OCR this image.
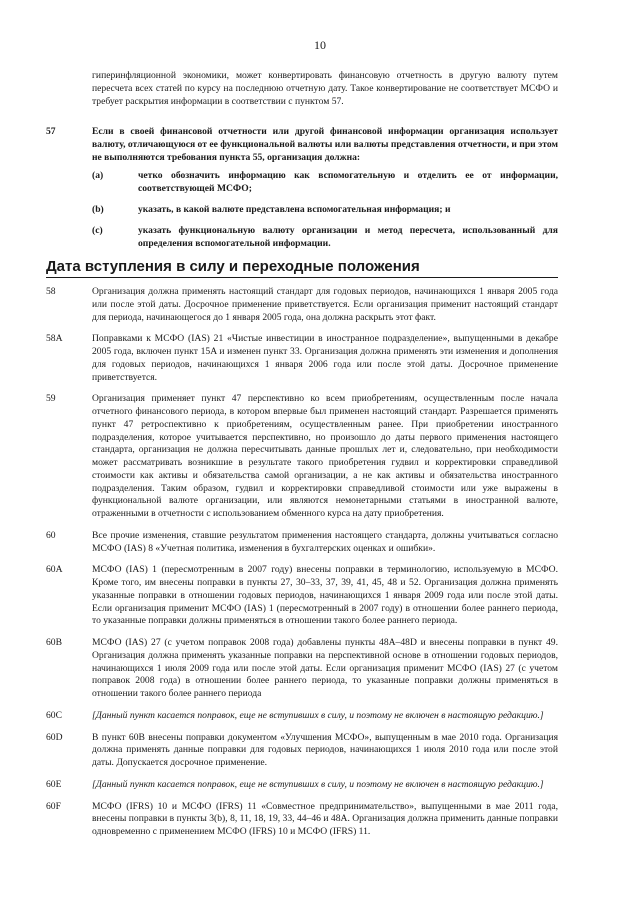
10
гиперинфляционной экономики, может конвертировать финансовую отчетность в другую валюту путем пересчета всех статей по курсу на последнюю отчетную дату. Такое конвертирование не соответствует МСФО и требует раскрытия информации в соответствии с пунктом 57.
57	Если в своей финансовой отчетности или другой финансовой информации организация использует валюту, отличающуюся от ее функциональной валюты или валюты представления отчетности, и при этом не выполняются требования пункта 55, организация должна:
(a)	четко обозначить информацию как вспомогательную и отделить ее от информации, соответствующей МСФО;
(b)	указать, в какой валюте представлена вспомогательная информация; и
(c)	указать функциональную валюту организации и метод пересчета, использованный для определения вспомогательной информации.
Дата вступления в силу и переходные положения
58	Организация должна применять настоящий стандарт для годовых периодов, начинающихся 1 января 2005 года или после этой даты. Досрочное применение приветствуется. Если организация применит настоящий стандарт для периода, начинающегося до 1 января 2005 года, она должна раскрыть этот факт.
58A	Поправками к МСФО (IAS) 21 «Чистые инвестиции в иностранное подразделение», выпущенными в декабре 2005 года, включен пункт 15A и изменен пункт 33. Организация должна применять эти изменения и дополнения для годовых периодов, начинающихся 1 января 2006 года или после этой даты. Досрочное применение приветствуется.
59	Организация применяет пункт 47 перспективно ко всем приобретениям, осуществленным после начала отчетного финансового периода, в котором впервые был применен настоящий стандарт. Разрешается применять пункт 47 ретроспективно к приобретениям, осуществленным ранее. При приобретении иностранного подразделения, которое учитывается перспективно, но произошло до даты первого применения настоящего стандарта, организация не должна пересчитывать данные прошлых лет и, следовательно, при необходимости может рассматривать возникшие в результате такого приобретения гудвил и корректировки справедливой стоимости как активы и обязательства самой организации, а не как активы и обязательства иностранного подразделения. Таким образом, гудвил и корректировки справедливой стоимости или уже выражены в функциональной валюте организации, или являются немонетарными статьями в иностранной валюте, отраженными в отчетности с использованием обменного курса на дату приобретения.
60	Все прочие изменения, ставшие результатом применения настоящего стандарта, должны учитываться согласно МСФО (IAS) 8 «Учетная политика, изменения в бухгалтерских оценках и ошибки».
60A	МСФО (IAS) 1 (пересмотренным в 2007 году) внесены поправки в терминологию, используемую в МСФО. Кроме того, им внесены поправки в пункты 27, 30–33, 37, 39, 41, 45, 48 и 52. Организация должна применять указанные поправки в отношении годовых периодов, начинающихся 1 января 2009 года или после этой даты. Если организация применит МСФО (IAS) 1 (пересмотренный в 2007 году) в отношении более раннего периода, то указанные поправки должны применяться в отношении такого более раннего периода.
60B	МСФО (IAS) 27 (с учетом поправок 2008 года) добавлены пункты 48A–48D и внесены поправки в пункт 49. Организация должна применять указанные поправки на перспективной основе в отношении годовых периодов, начинающихся 1 июля 2009 года или после этой даты. Если организация применит МСФО (IAS) 27 (с учетом поправок 2008 года) в отношении более раннего периода, то указанные поправки должны применяться в отношении такого более раннего периода
60C	[Данный пункт касается поправок, еще не вступивших в силу, и поэтому не включен в настоящую редакцию.]
60D	В пункт 60B внесены поправки документом «Улучшения МСФО», выпущенным в мае 2010 года. Организация должна применять данные поправки для годовых периодов, начинающихся 1 июля 2010 года или после этой даты. Допускается досрочное применение.
60E	[Данный пункт касается поправок, еще не вступивших в силу, и поэтому не включен в настоящую редакцию.]
60F	МСФО (IFRS) 10 и МСФО (IFRS) 11 «Совместное предпринимательство», выпущенными в мае 2011 года, внесены поправки в пункты 3(b), 8, 11, 18, 19, 33, 44–46 и 48A. Организация должна применить данные поправки одновременно с применением МСФО (IFRS) 10 и МСФО (IFRS) 11.
